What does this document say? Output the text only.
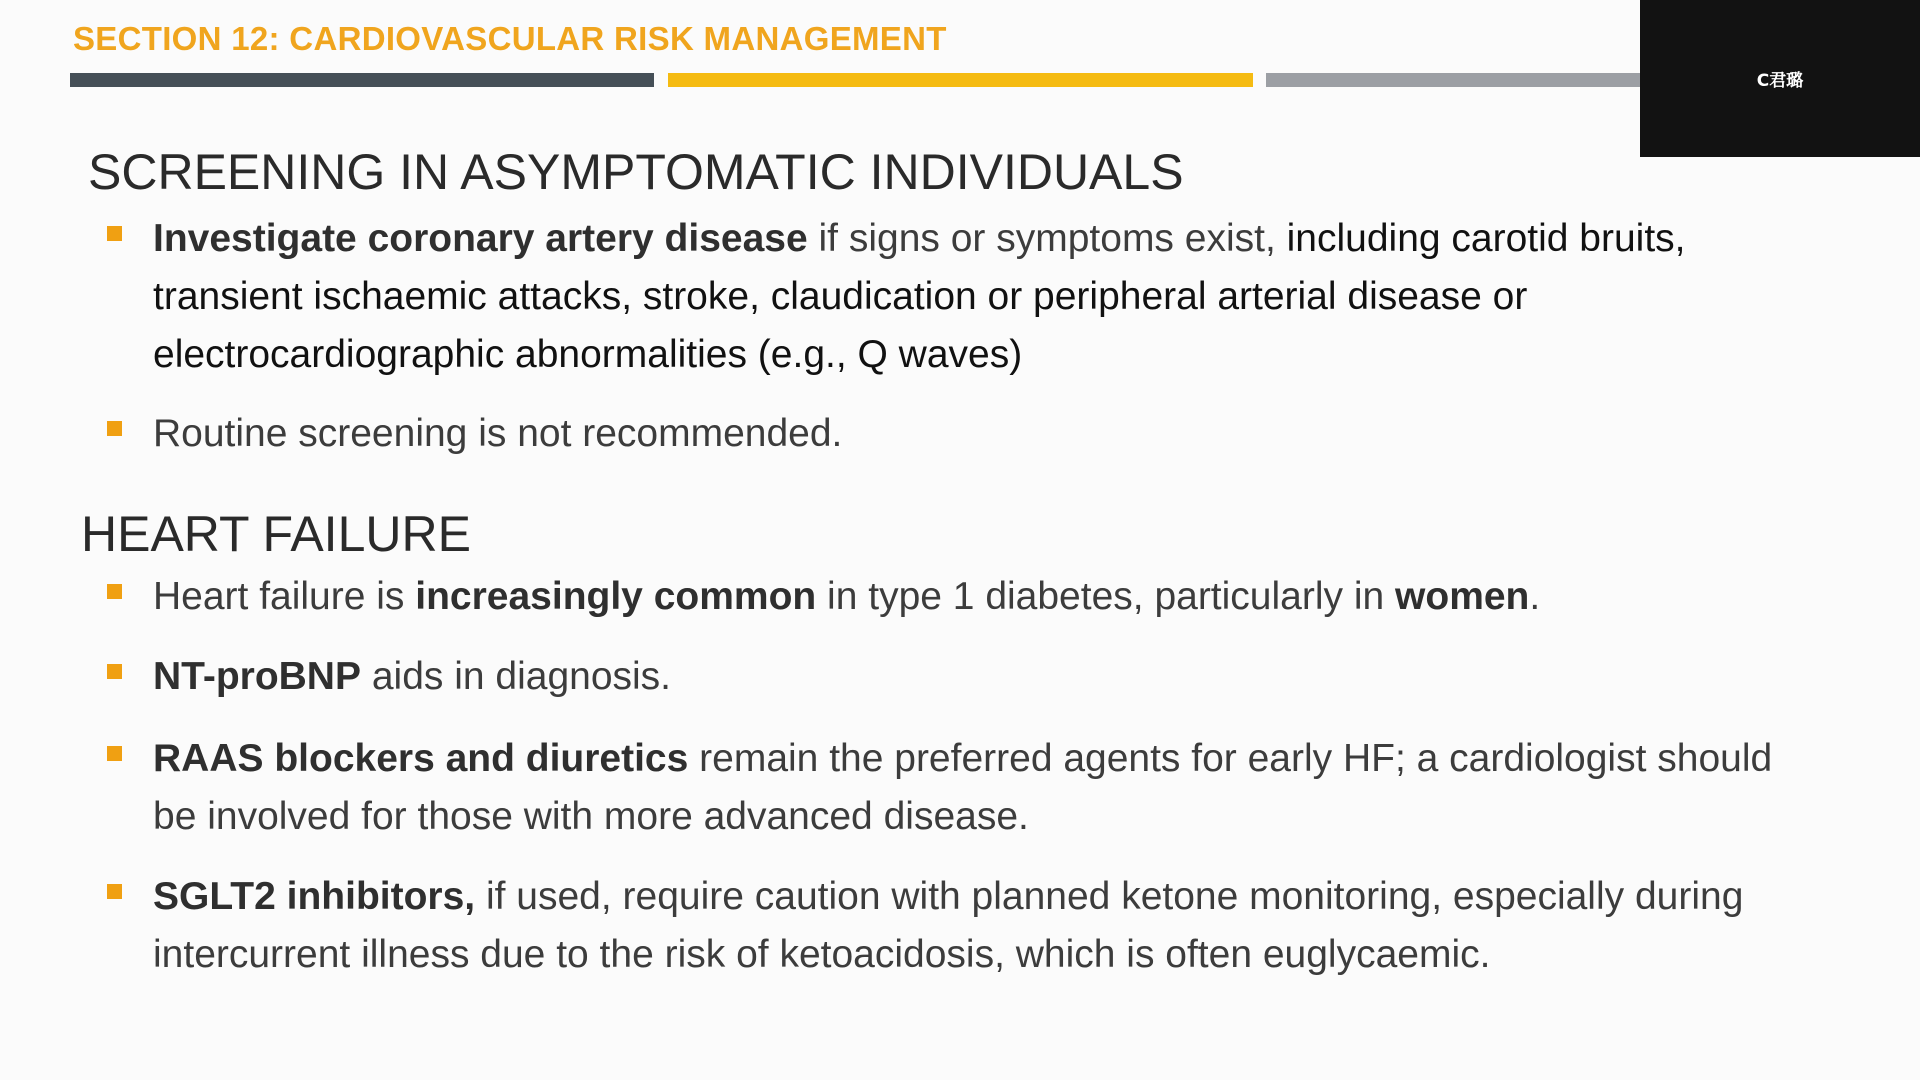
SECTION 12: CARDIOVASCULAR RISK MANAGEMENT
C君璐
SCREENING IN ASYMPTOMATIC INDIVIDUALS
Investigate coronary artery disease if signs or symptoms exist, including carotid bruits, transient ischaemic attacks, stroke, claudication or peripheral arterial disease or electrocardiographic abnormalities (e.g., Q waves)
Routine screening is not recommended.
HEART FAILURE
Heart failure is increasingly common in type 1 diabetes, particularly in women.
NT-proBNP aids in diagnosis.
RAAS blockers and diuretics remain the preferred agents for early HF; a cardiologist should be involved for those with more advanced disease.
SGLT2 inhibitors, if used, require caution with planned ketone monitoring, especially during intercurrent illness due to the risk of ketoacidosis, which is often euglycaemic.
